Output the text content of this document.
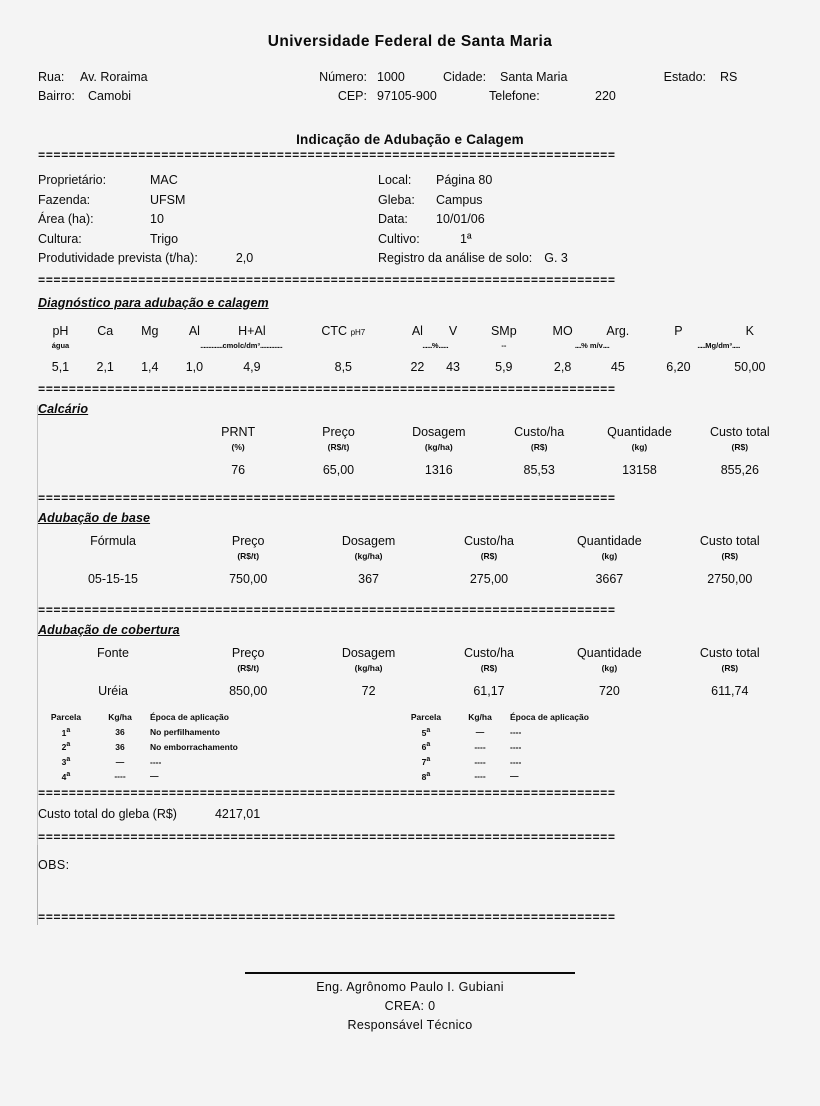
Universidade Federal de Santa Maria
Rua:	Av. Roraima	Número: 1000	Cidade:	Santa Maria	Estado:	RS
Bairro:	Camobi	CEP: 97105-900	Telefone:	220
Indicação de Adubação e Calagem
===========================================================================
Proprietário:	MAC
Fazenda:	UFSM
Área (ha):	10
Cultura:	Trigo
Local:	Página 80
Gleba:	Campus
Data:	10/01/06
Cultivo:	1ª
Produtividade prevista (t/ha):	2,0	Registro da análise de solo: G. 3
===========================================================================
Diagnóstico para adubação e calagem
pH	Ca	Mg	Al	H+Al	CTC pH7	Al	V	SMp	MO	Arg.	P	K
água	..............cmolc/dm³..............					......%......		--	....% m/v....		.....Mg/dm³.....	
5,1	2,1	1,4	1,0	4,9	8,5	22	43	5,9	2,8	45	6,20	50,00
===========================================================================
Calcário
	PRNT	Preço	Dosagem	Custo/ha	Quantidade	Custo total
	(%)	(R$/t)	(kg/ha)	(R$)	(kg)	(R$)
	76	65,00	1316	85,53	13158	855,26
===========================================================================
Adubação de base
Fórmula	Preço	Dosagem	Custo/ha	Quantidade	Custo total
	(R$/t)	(kg/ha)	(R$)	(kg)	(R$)
05-15-15	750,00	367	275,00	3667	2750,00
===========================================================================
Adubação de cobertura
Fonte	Preço	Dosagem	Custo/ha	Quantidade	Custo total
	(R$/t)	(kg/ha)	(R$)	(kg)	(R$)
Uréia	850,00	72	61,17	720	611,74
Parcela	Kg/ha	Época de aplicação
1$^a$	36	No perfilhamento
2$^a$	36	No emborrachamento
3$^a$	—	----
4$^a$	----	—
Parcela	Kg/ha	Época de aplicação
5$^a$	—	----
6$^a$	----	----
7$^a$	----	----
8$^a$	----	—
===========================================================================
Custo total do gleba (R$)	4217,01
===========================================================================
OBS:
===========================================================================
Eng. Agrônomo Paulo I. Gubiani
CREA: 0
Responsável Técnico
